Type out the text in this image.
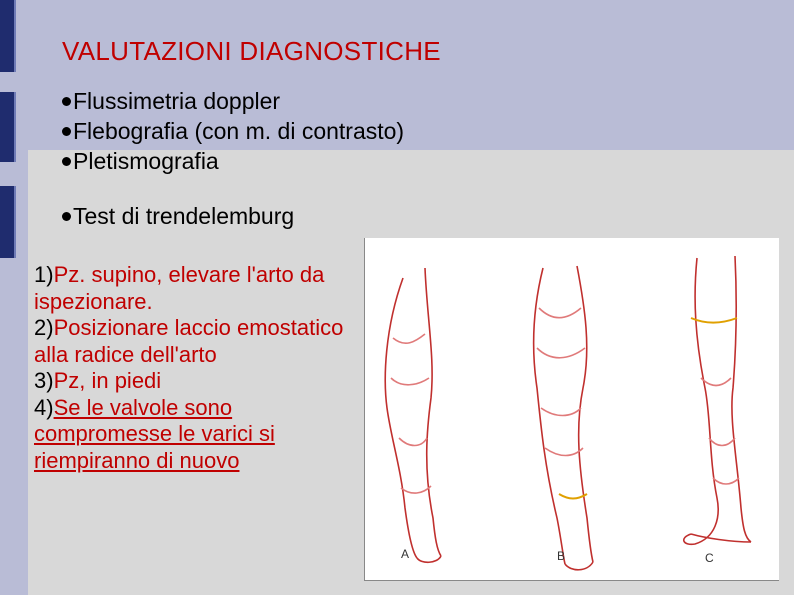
VALUTAZIONI DIAGNOSTICHE
Flussimetria doppler
Flebografia (con m. di contrasto)
Pletismografia
Test di trendelemburg
1)Pz. supino, elevare l'arto da ispezionare.
2)Posizionare laccio emostatico alla radice dell'arto
3)Pz, in piedi
4)Se le valvole sono compromesse le varici si riempiranno di nuovo
A	B	C
